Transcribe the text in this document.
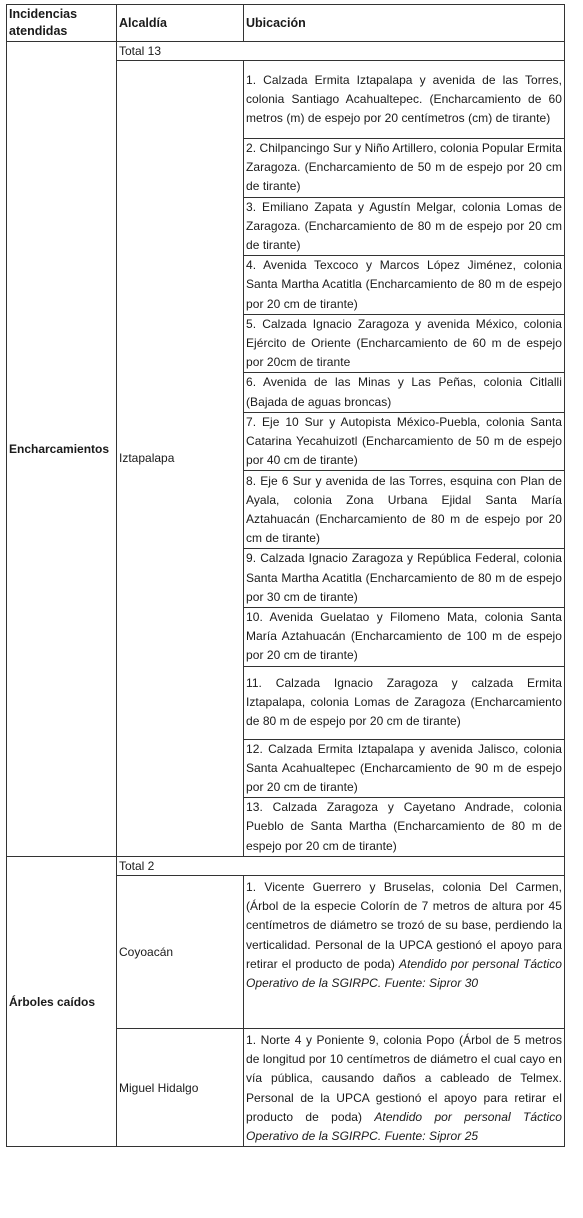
Incidencias atendidas	Alcaldía	Ubicación
Encharcamientos	Total 13	
	Iztapalapa	1. Calzada Ermita Iztapalapa y avenida de las Torres, colonia Santiago Acahualtepec. (Encharcamiento de 60 metros (m) de espejo por 20 centímetros (cm) de tirante)
		2. Chilpancingo Sur y Niño Artillero, colonia Popular Ermita Zaragoza. (Encharcamiento de 50 m de espejo por 20 cm de tirante)
		3. Emiliano Zapata y Agustín Melgar, colonia Lomas de Zaragoza. (Encharcamiento de 80 m de espejo por 20 cm de tirante)
		4. Avenida Texcoco y Marcos López Jiménez, colonia Santa Martha Acatitla (Encharcamiento de 80 m de espejo por 20 cm de tirante)
		5. Calzada Ignacio Zaragoza y avenida México, colonia Ejército de Oriente (Encharcamiento de 60 m de espejo por 20cm de tirante
		6. Avenida de las Minas y Las Peñas, colonia Citlalli (Bajada de aguas broncas)
		7. Eje 10 Sur y Autopista México-Puebla, colonia Santa Catarina Yecahuizotl (Encharcamiento de 50 m de espejo por 40 cm de tirante)
		8. Eje 6 Sur y avenida de las Torres, esquina con Plan de Ayala, colonia Zona Urbana Ejidal Santa María Aztahuacán (Encharcamiento de 80 m de espejo por 20 cm de tirante)
		9. Calzada Ignacio Zaragoza y República Federal, colonia Santa Martha Acatitla (Encharcamiento de 80 m de espejo por 30 cm de tirante)
		10. Avenida Guelatao y Filomeno Mata, colonia Santa María Aztahuacán (Encharcamiento de 100 m de espejo por 20 cm de tirante)
		11. Calzada Ignacio Zaragoza y calzada Ermita Iztapalapa, colonia Lomas de Zaragoza (Encharcamiento de 80 m de espejo por 20 cm de tirante)
		12. Calzada Ermita Iztapalapa y avenida Jalisco, colonia Santa Acahualtepec (Encharcamiento de 90 m de espejo por 20 cm de tirante)
		13. Calzada Zaragoza y Cayetano Andrade, colonia Pueblo de Santa Martha (Encharcamiento de 80 m de espejo por 20 cm de tirante)
Árboles caídos	Total 2	
	Coyoacán	1. Vicente Guerrero y Bruselas, colonia Del Carmen, (Árbol de la especie Colorín de 7 metros de altura por 45 centímetros de diámetro se trozó de su base, perdiendo la verticalidad. Personal de la UPCA gestionó el apoyo para retirar el producto de poda) Atendido por personal Táctico Operativo de la SGIRPC. Fuente: Sipror 30
	Miguel Hidalgo	1. Norte 4 y Poniente 9, colonia Popo (Árbol de 5 metros de longitud por 10 centímetros de diámetro el cual cayo en vía pública, causando daños a cableado de Telmex. Personal de la UPCA gestionó el apoyo para retirar el producto de poda) Atendido por personal Táctico Operativo de la SGIRPC. Fuente: Sipror 25
